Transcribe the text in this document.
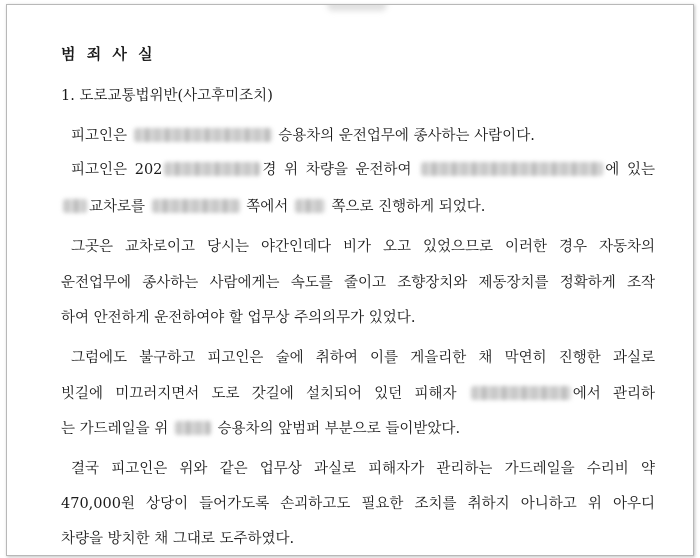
범 죄 사 실
1. 도로교통법위반(사고후미조치)
피고인은	승용차의 운전업무에 종사하는 사람이다.
피고인은 202	경 위 차량을 운전하여	에 있는
교차로를	쪽에서	쪽으로 진행하게 되었다.
그곳은 교차로이고 당시는 야간인데다 비가 오고 있었으므로 이러한 경우 자동차의
운전업무에 종사하는 사람에게는 속도를 줄이고 조향장치와 제동장치를 정확하게 조작
하여 안전하게 운전하여야 할 업무상 주의의무가 있었다.
그럼에도 불구하고 피고인은 술에 취하여 이를 게을리한 채 막연히 진행한 과실로
빗길에 미끄러지면서 도로 갓길에 설치되어 있던 피해자	에서 관리하
는 가드레일을 위	승용차의 앞범퍼 부분으로 들이받았다.
결국 피고인은 위와 같은 업무상 과실로 피해자가 관리하는 가드레일을 수리비 약
470,000원 상당이 들어가도록 손괴하고도 필요한 조치를 취하지 아니하고 위 아우디
차량을 방치한 채 그대로 도주하였다.
